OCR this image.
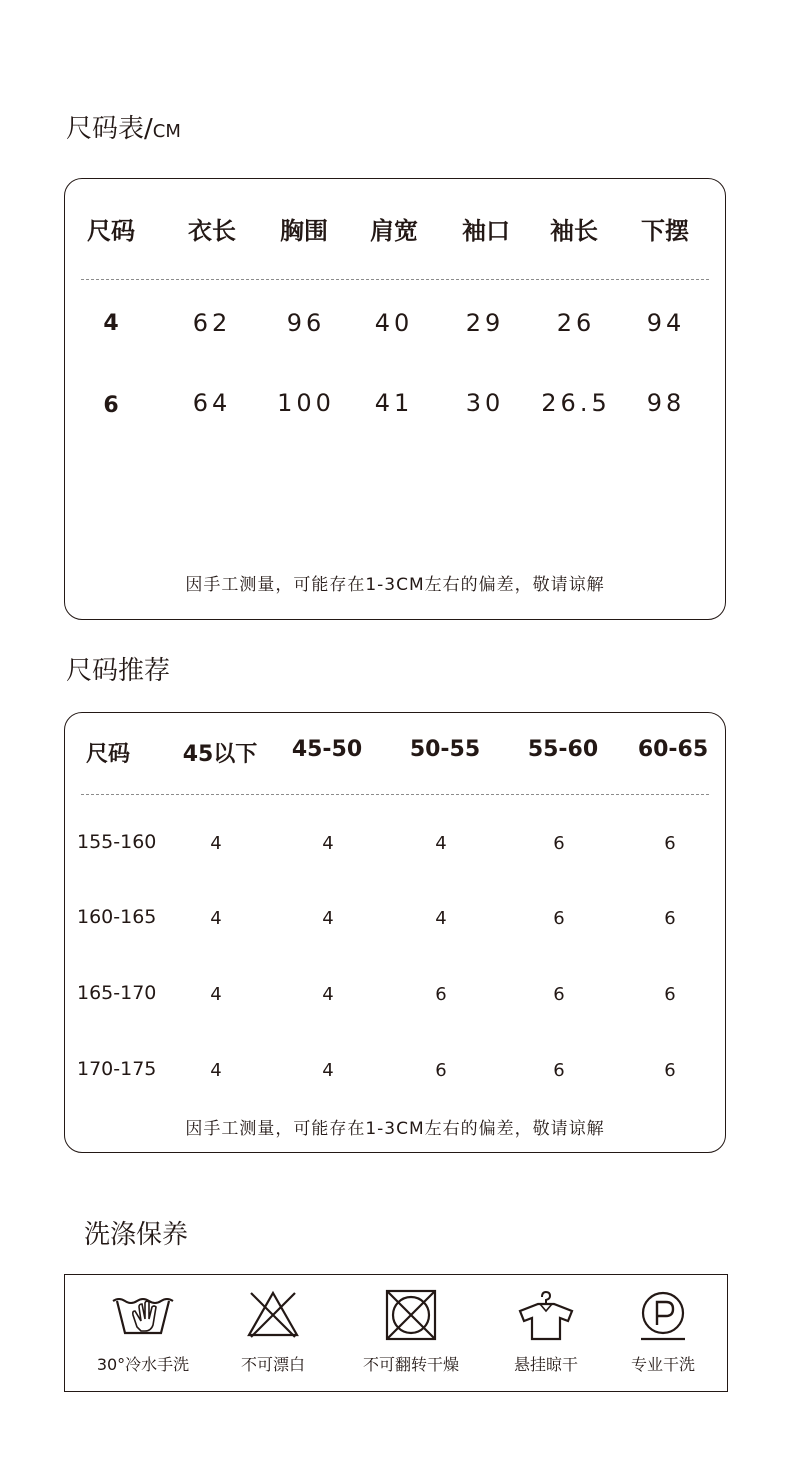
尺码表/CM
尺码 衣长 胸围 肩宽 袖口 袖长 下摆
4	62 96 40 29 26 94
6	64 100 41 30 26.5 98
因手工测量，可能存在1-3CM左右的偏差，敬请谅解
尺码推荐
尺码 45以下 45-50 50-55 55-60 60-65
155-160	4	4	4	6	6
160-165	4	4	4	6	6
165-170	4	4	6	6	6
170-175	4	4	6	6	6
因手工测量，可能存在1-3CM左右的偏差，敬请谅解
洗涤保养
30°冷水手洗	不可漂白	不可翻转干燥	悬挂晾干	专业干洗
